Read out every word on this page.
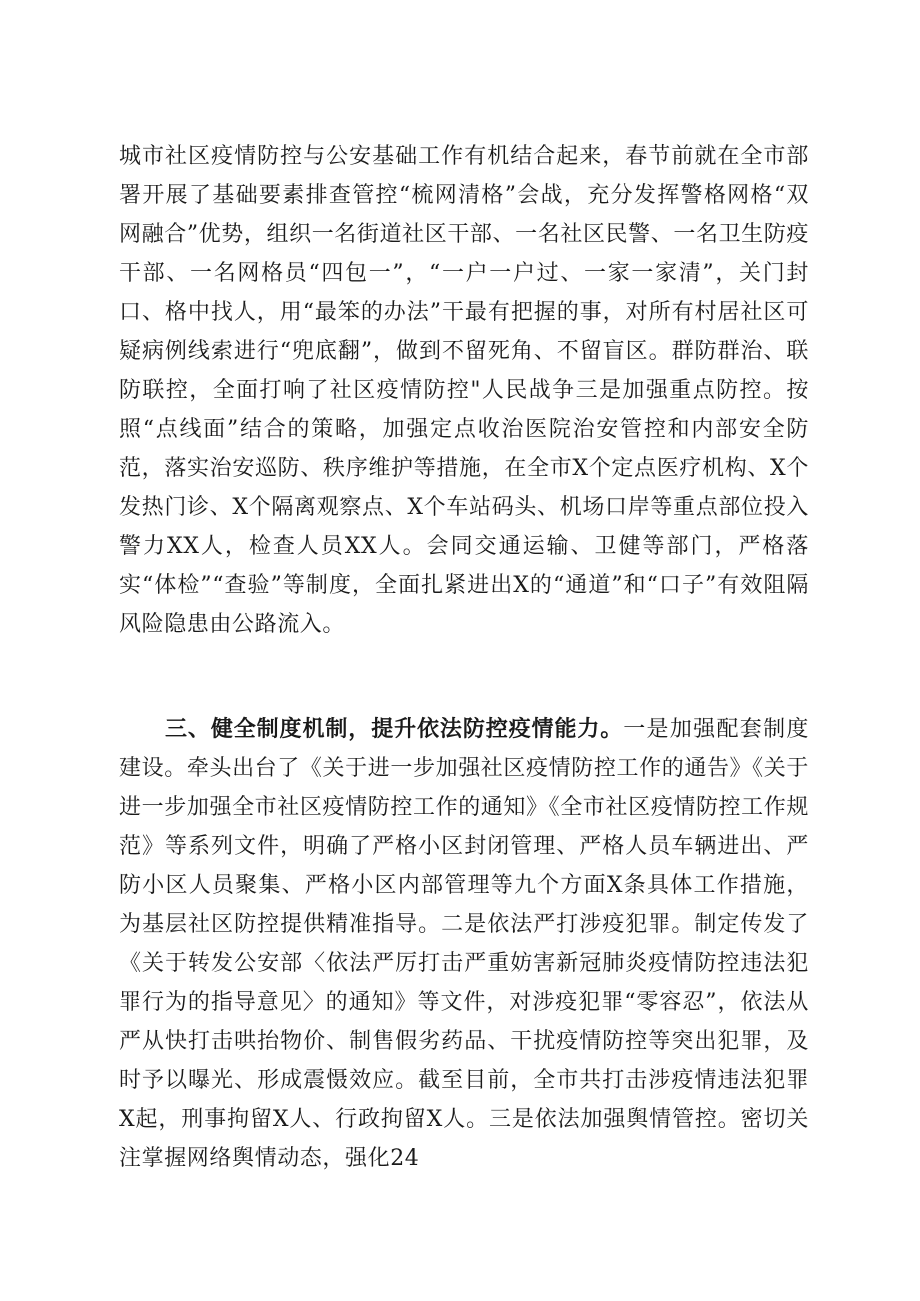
城市社区疫情防控与公安基础工作有机结合起来，春节前就在全市部署开展了基础要素排查管控“梳网清格”会战，充分发挥警格网格“双网融合”优势，组织一名街道社区干部、一名社区民警、一名卫生防疫干部、一名网格员“四包一”，“一户一户过、一家一家清”，关门封口、格中找人，用“最笨的办法”干最有把握的事，对所有村居社区可疑病例线索进行“兜底翻”，做到不留死角、不留盲区。群防群治、联防联控，全面打响了社区疫情防控"人民战争三是加强重点防控。按照“点线面”结合的策略，加强定点收治医院治安管控和内部安全防范，落实治安巡防、秩序维护等措施，在全市X个定点医疗机构、X个发热门诊、X个隔离观察点、X个车站码头、机场口岸等重点部位投入警力XX人，检查人员XX人。会同交通运输、卫健等部门，严格落实“体检”“查验”等制度，全面扎紧进出X的“通道”和“口子”有效阻隔风险隐患由公路流入。

三、健全制度机制，提升依法防控疫情能力。一是加强配套制度建设。牵头出台了《关于进一步加强社区疫情防控工作的通告》《关于进一步加强全市社区疫情防控工作的通知》《全市社区疫情防控工作规范》等系列文件，明确了严格小区封闭管理、严格人员车辆进出、严防小区人员聚集、严格小区内部管理等九个方面X条具体工作措施，为基层社区防控提供精准指导。二是依法严打涉疫犯罪。制定传发了《关于转发公安部〈依法严厉打击严重妨害新冠肺炎疫情防控违法犯罪行为的指导意见〉的通知》等文件，对涉疫犯罪“零容忍”，依法从严从快打击哄抬物价、制售假劣药品、干扰疫情防控等突出犯罪，及时予以曝光、形成震慑效应。截至目前，全市共打击涉疫情违法犯罪X起，刑事拘留X人、行政拘留X人。三是依法加强舆情管控。密切关注掌握网络舆情动态，强化24
